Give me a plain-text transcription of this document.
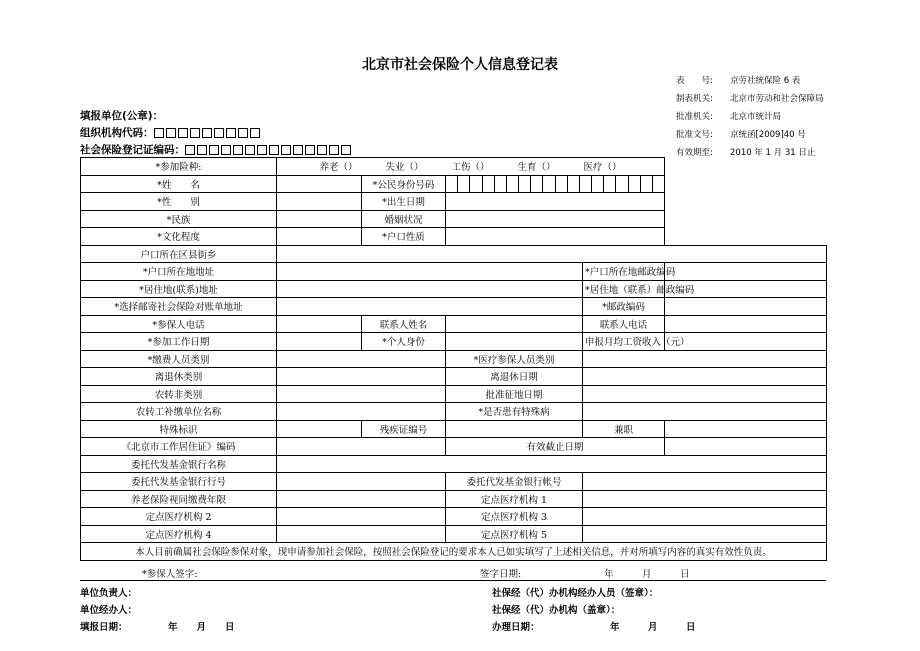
北京市社会保险个人信息登记表
表　　号: 京劳社统保险 6 表
制表机关: 北京市劳动和社会保障局
批准机关: 北京市统计局
批准文号: 京统函[2009]40 号
有效期至: 2010 年 1 月 31 日止
填报单位(公章)：
组织机构代码：
社会保险登记证编码：
*参加险种:	养老（） 失业（） 工伤（） 生育（） 医疗（）				
*姓　　名		*公民身份号码		

*性　　别		*出生日期			
*民族		婚姻状况			
*文化程度		*户口性质			
户口所在区县街乡					
*户口所在地地址				*户口所在地邮政编码	
*居住地(联系)地址				*居住地（联系）邮政编码	
*选择邮寄社会保险对账单地址				*邮政编码	
*参保人电话		联系人姓名		联系人电话	
*参加工作日期		*个人身份		申报月均工资收入（元）	
*缴费人员类别			*医疗参保人员类别		
离退休类别			离退休日期		
农转非类别			批准征地日期		
农转工补缴单位名称			*是否患有特殊病		
特殊标识		残疾证编号		兼职	
《北京市工作居住证》编码			有效截止日期		
委托代发基金银行名称					
委托代发基金银行行号			委托代发基金银行帐号		
养老保险视同缴费年限			定点医疗机构 1		
定点医疗机构 2			定点医疗机构 3		
定点医疗机构 4			定点医疗机构 5		
本人目前确属社会保险参保对象，现申请参加社会保险，按照社会保险登记的要求本人已如实填写了上述相关信息，并对所填写内容的真实有效性负责。					
*参保人签字:	签字日期:	年　　　月　　　日
单位负责人：
单位经办人：
填报日期：	年　　月　　日
社保经（代）办机构经办人员（签章）：
社保经（代）办机构（盖章）：
办理日期：	年　　　月　　　日
